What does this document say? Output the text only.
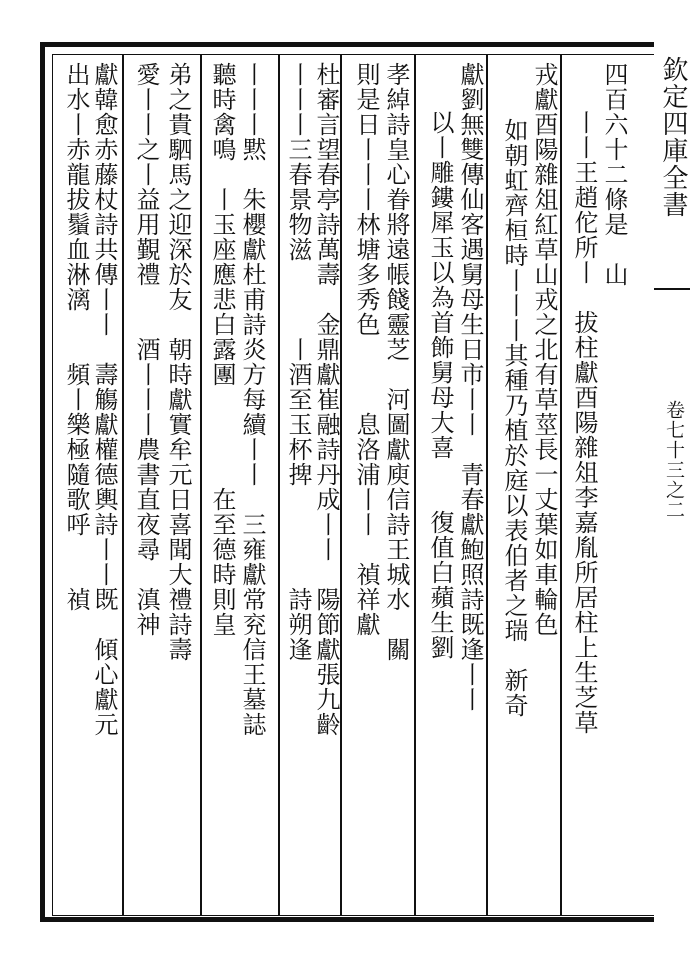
欽定四庫全書
卷七十三之二
四百六十二條是　山
丨丨王趙佗所丨　拔柱獻酉陽雜俎李嘉胤所居柱上生芝草
戎獻酉陽雜俎紅草山戎之北有草莖長一丈葉如車輪色
如朝虹齊桓時丨丨丨其種乃植於庭以表伯者之瑞　新奇
獻劉無雙傳仙客遇舅母生日市丨丨　青春獻鮑照詩既逢丨丨
以丨雕鏤犀玉以為首飾舅母大喜　　復值白蘋生劉
孝綽詩皇心眷將遠帳餞靈芝　河圖獻庾信詩王城水　關
則是日丨丨丨林塘多秀色　　　息洛浦丨丨　禎祥獻
杜審言望春亭詩萬壽　金鼎獻崔融詩丹成丨丨　陽節獻張九齡
丨丨丨三春景物滋　　　丨酒至玉杯捭　　　　詩朔逢
丨丨丨黙　朱櫻獻杜甫詩炎方每續丨丨　三雍獻常兖信王墓誌
聽時禽鳴　丨玉座應悲白露團　　　　在至德時則皇
弟之貴駟馬之迎深於友　朝時獻實牟元日喜聞大禮詩壽
愛丨丨之丨益用覲禮　　酒丨丨丨農書直夜尋　滇神
獻韓愈赤藤杖詩共傳丨丨　壽觴獻權德輿詩丨丨既　傾心獻元
出水丨赤龍拔鬚血淋漓　　頻丨樂極隨歌呼　　禎
